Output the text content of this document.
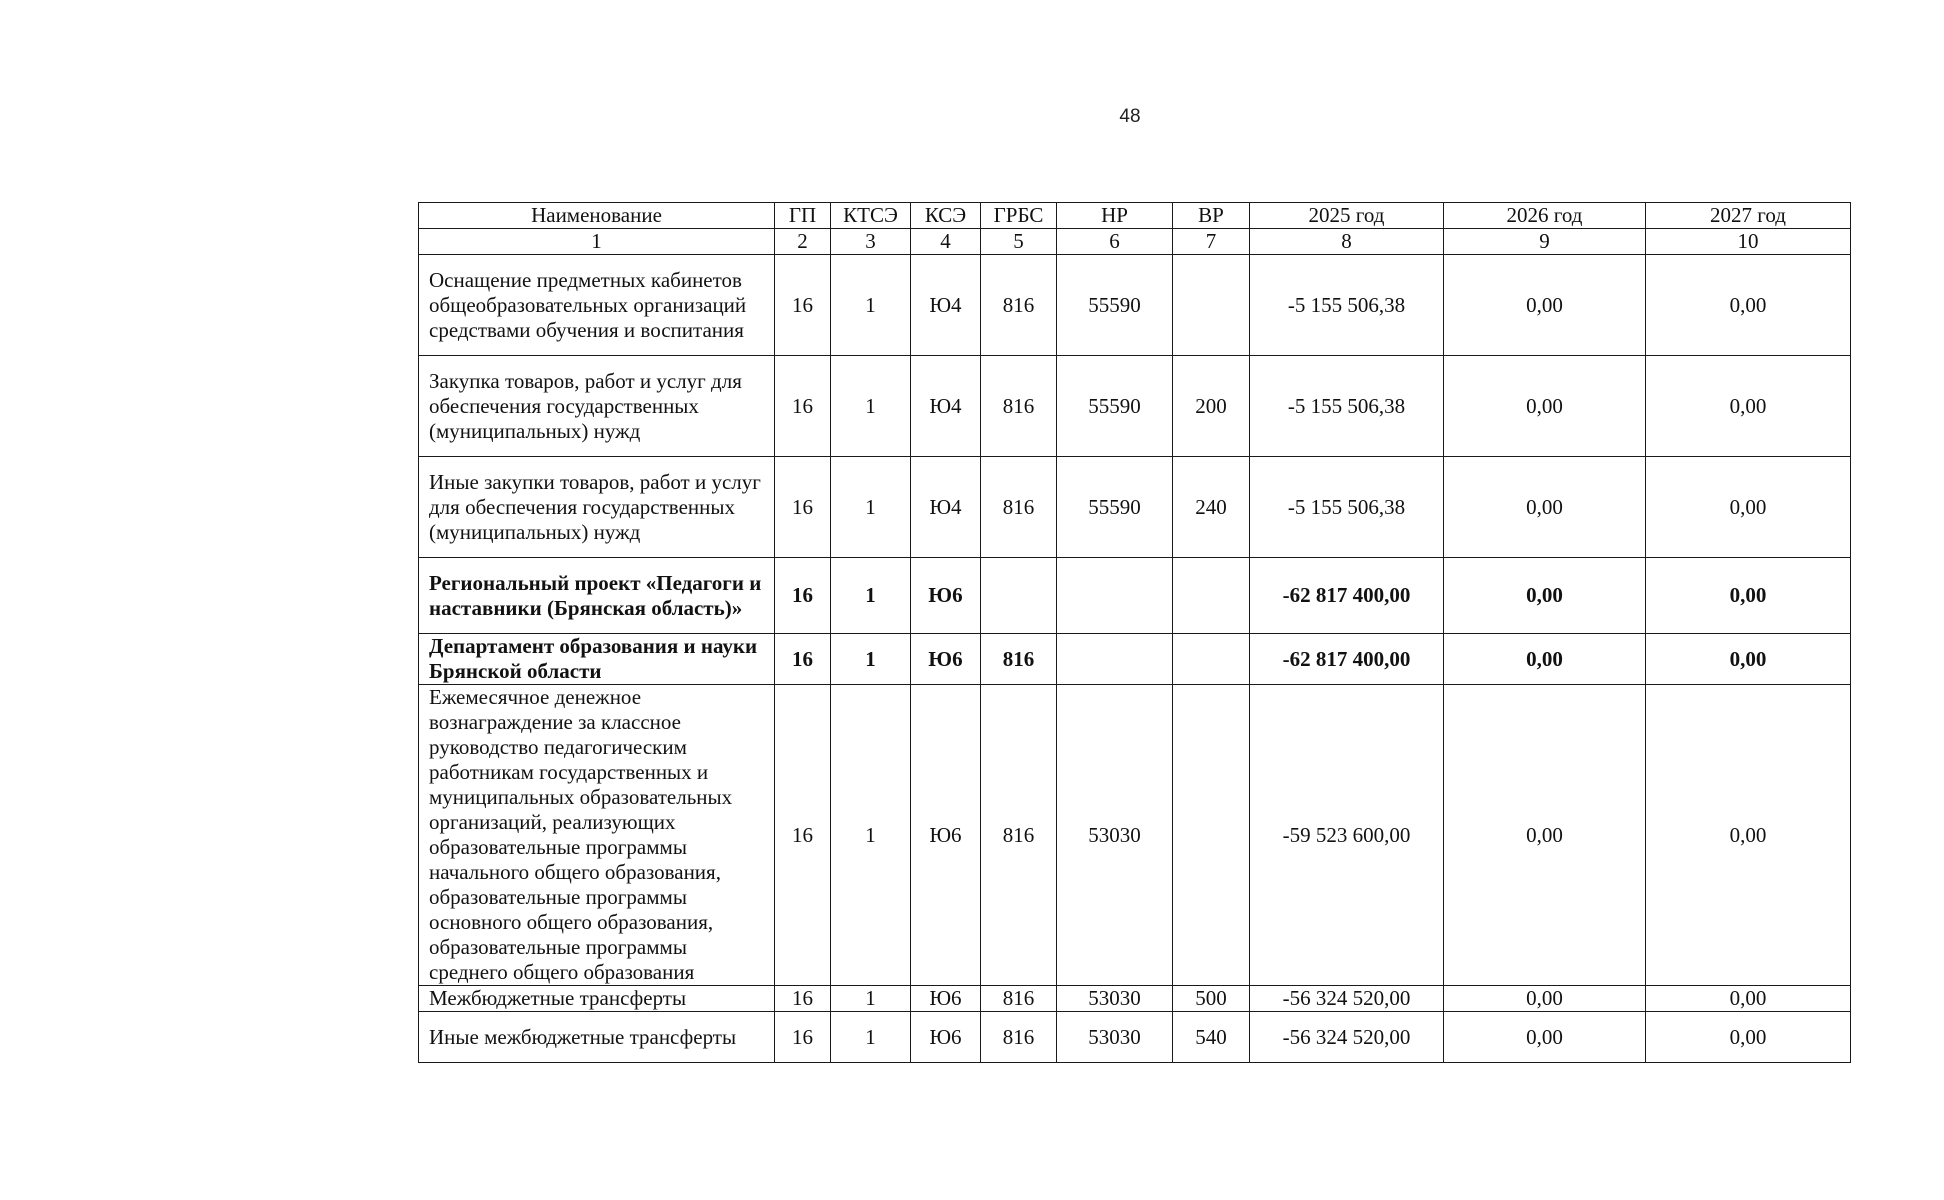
48
Наименование	ГП	КТСЭ	КСЭ	ГРБС	НР	ВР	2025 год	2026 год	2027 год
1	2	3	4	5	6	7	8	9	10
Оснащение предметных кабинетов общеобразовательных организаций средствами обучения и воспитания	16	1	Ю4	816	55590		-5 155 506,38	0,00	0,00
Закупка товаров, работ и услуг для обеспечения государственных (муниципальных) нужд	16	1	Ю4	816	55590	200	-5 155 506,38	0,00	0,00
Иные закупки товаров, работ и услуг для обеспечения государственных (муниципальных) нужд	16	1	Ю4	816	55590	240	-5 155 506,38	0,00	0,00
Региональный проект «Педагоги и наставники (Брянская область)»	16	1	Ю6				-62 817 400,00	0,00	0,00
Департамент образования и науки Брянской области	16	1	Ю6	816			-62 817 400,00	0,00	0,00
Ежемесячное денежное вознаграждение за классное руководство педагогическим работникам государственных и муниципальных образовательных организаций, реализующих образовательные программы начального общего образования, образовательные программы основного общего образования, образовательные программы среднего общего образования	16	1	Ю6	816	53030		-59 523 600,00	0,00	0,00
Межбюджетные трансферты	16	1	Ю6	816	53030	500	-56 324 520,00	0,00	0,00
Иные межбюджетные трансферты	16	1	Ю6	816	53030	540	-56 324 520,00	0,00	0,00
